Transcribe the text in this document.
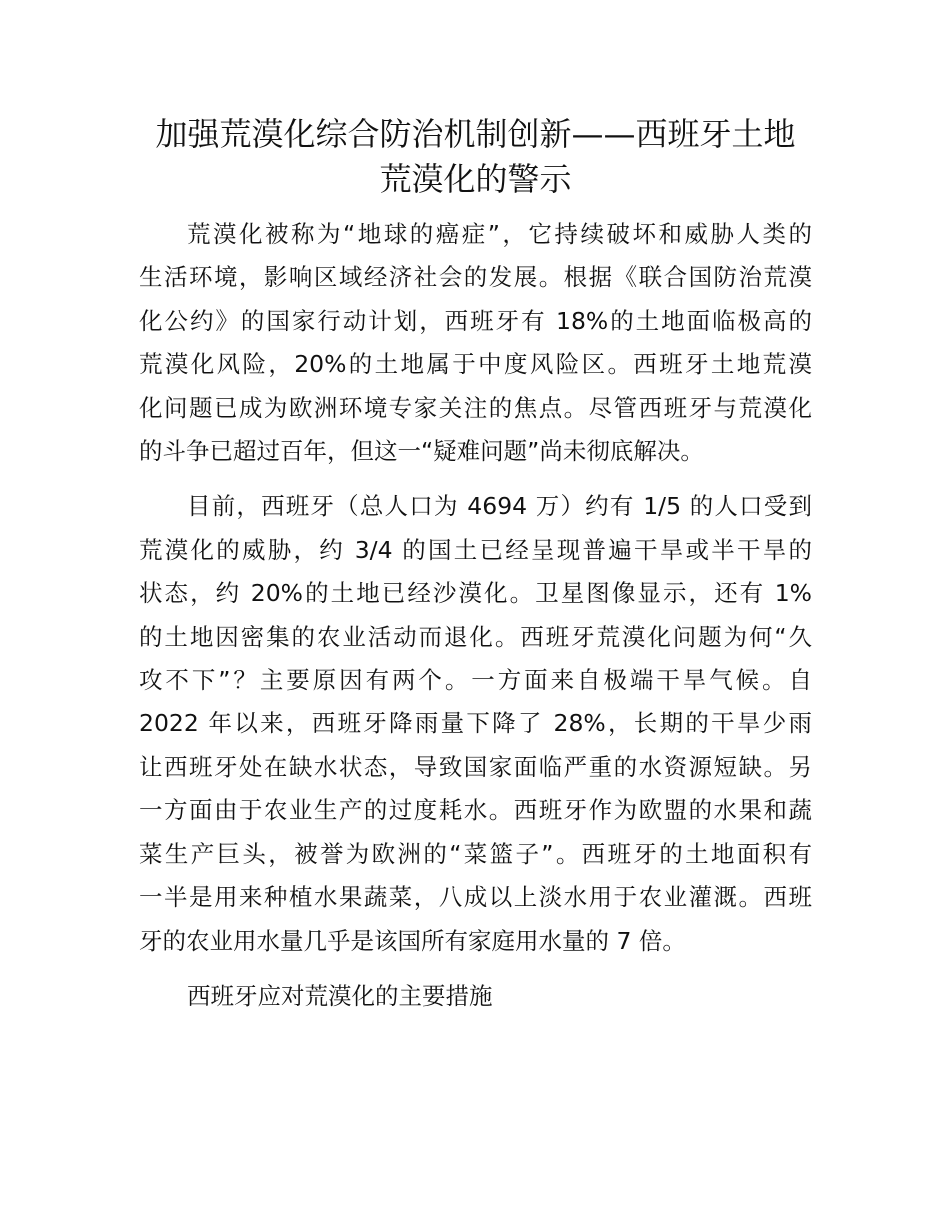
加强荒漠化综合防治机制创新——西班牙土地
荒漠化的警示

荒漠化被称为“地球的癌症”，它持续破坏和威胁人类的
生活环境，影响区域经济社会的发展。根据《联合国防治荒漠
化公约》的国家行动计划，西班牙有 18%的土地面临极高的
荒漠化风险，20%的土地属于中度风险区。西班牙土地荒漠
化问题已成为欧洲环境专家关注的焦点。尽管西班牙与荒漠化
的斗争已超过百年，但这一“疑难问题”尚未彻底解决。

目前，西班牙（总人口为 4694 万）约有 1/5 的人口受到
荒漠化的威胁，约 3/4 的国土已经呈现普遍干旱或半干旱的
状态，约 20%的土地已经沙漠化。卫星图像显示，还有 1%
的土地因密集的农业活动而退化。西班牙荒漠化问题为何“久
攻不下”？主要原因有两个。一方面来自极端干旱气候。自
2022 年以来，西班牙降雨量下降了 28%，长期的干旱少雨
让西班牙处在缺水状态，导致国家面临严重的水资源短缺。另
一方面由于农业生产的过度耗水。西班牙作为欧盟的水果和蔬
菜生产巨头，被誉为欧洲的“菜篮子”。西班牙的土地面积有
一半是用来种植水果蔬菜，八成以上淡水用于农业灌溉。西班
牙的农业用水量几乎是该国所有家庭用水量的 7 倍。

西班牙应对荒漠化的主要措施
